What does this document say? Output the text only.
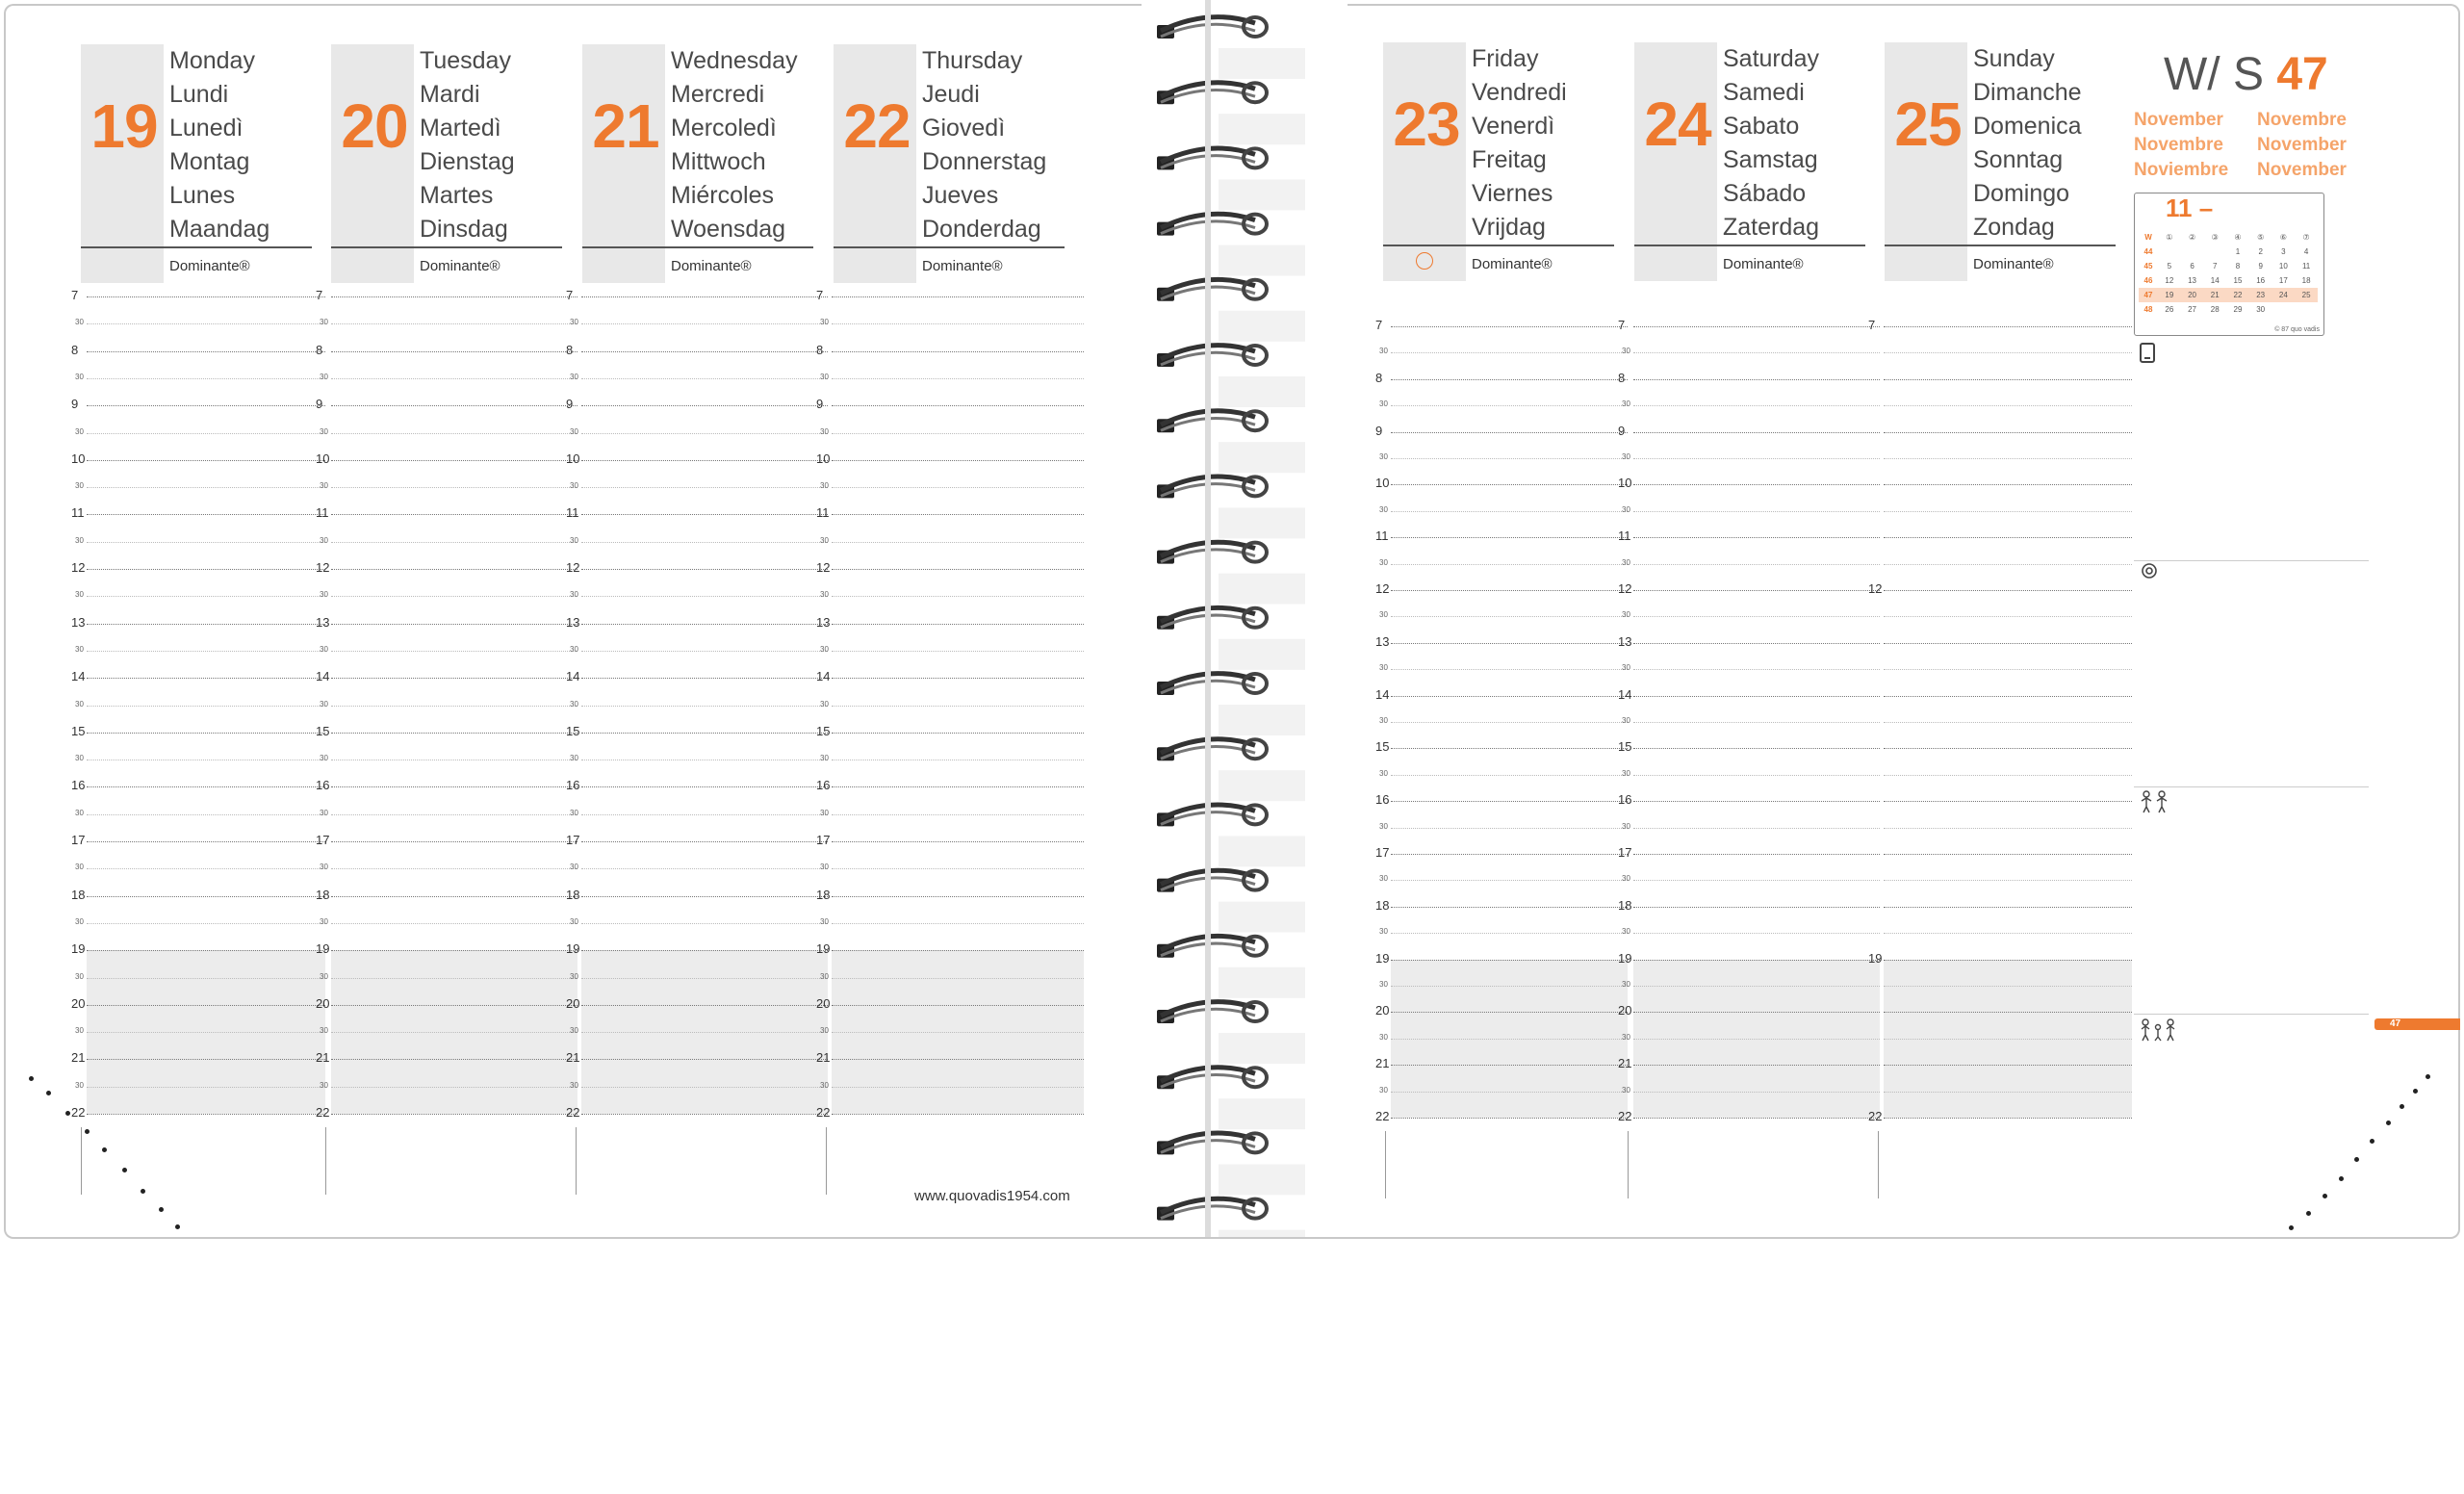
19
Monday
Lundi
Lunedì
Montag
Lunes
Maandag
Dominante®
20
Tuesday
Mardi
Martedì
Dienstag
Martes
Dinsdag
Dominante®
21
Wednesday
Mercredi
Mercoledì
Mittwoch
Miércoles
Woensdag
Dominante®
22
Thursday
Jeudi
Giovedì
Donnerstag
Jueves
Donderdag
Dominante®
23
Friday
Vendredi
Venerdì
Freitag
Viernes
Vrijdag
Dominante®
24
Saturday
Samedi
Sabato
Samstag
Sábado
Zaterdag
Dominante®
25
Sunday
Dimanche
Domenica
Sonntag
Domingo
Zondag
Dominante®
7
30
8
30
9
30
10
30
11
30
12
30
13
30
14
30
15
30
16
30
17
30
18
30
19
30
20
30
21
30
22
7
30
8
30
9
30
10
30
11
30
12
30
13
30
14
30
15
30
16
30
17
30
18
30
19
30
20
30
21
30
22
7
30
8
30
9
30
10
30
11
30
12
30
13
30
14
30
15
30
16
30
17
30
18
30
19
30
20
30
21
30
22
7
30
8
30
9
30
10
30
11
30
12
30
13
30
14
30
15
30
16
30
17
30
18
30
19
30
20
30
21
30
22
7
30
8
30
9
30
10
30
11
30
12
30
13
30
14
30
15
30
16
30
17
30
18
30
19
30
20
30
21
30
22
7
30
8
30
9
30
10
30
11
30
12
30
13
30
14
30
15
30
16
30
17
30
18
30
19
30
20
30
21
30
22
7
12
19
22
W/ S 47
November	Novembre
Novembre	November
Noviembre	November
11 –
W	①	②	③	④	⑤	⑥	⑦
44				1	2	3	4
45	5	6	7	8	9	10	11
46	12	13	14	15	16	17	18
47	19	20	21	22	23	24	25
48	26	27	28	29	30		
© 87 quo vadis
47
www.quovadis1954.com
